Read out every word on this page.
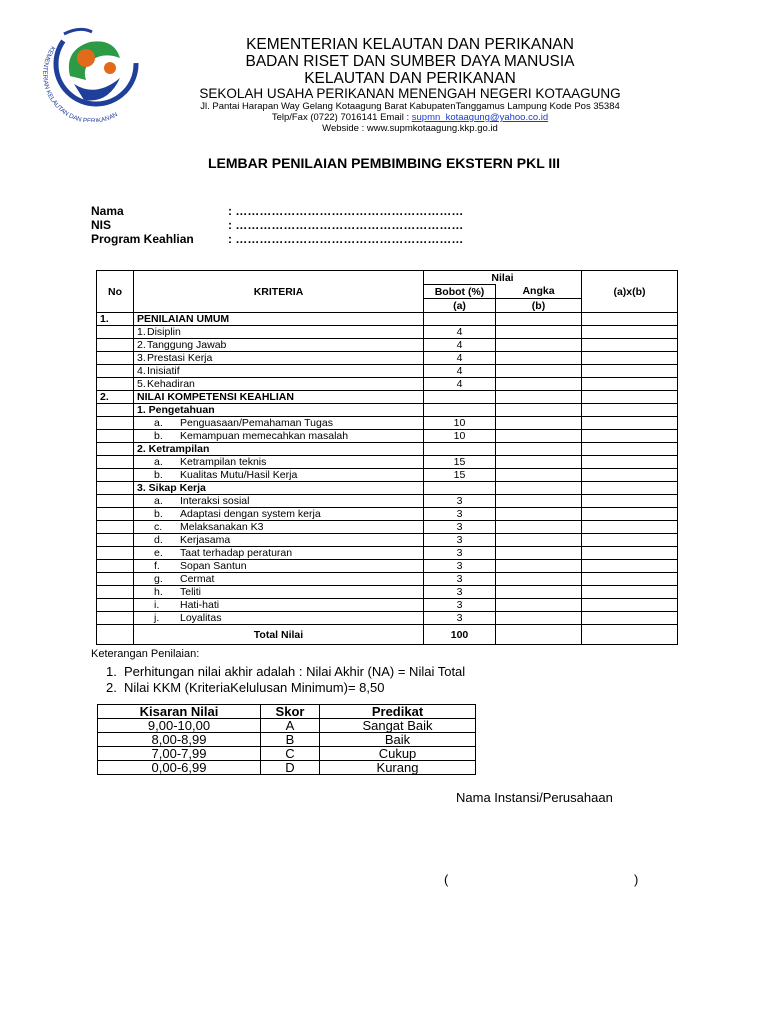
KEMENTERIAN KELAUTAN DAN PERIKANAN
KEMENTERIAN KELAUTAN DAN PERIKANAN
BADAN RISET DAN SUMBER DAYA MANUSIA
KELAUTAN DAN PERIKANAN
SEKOLAH USAHA PERIKANAN MENENGAH NEGERI KOTAAGUNG
Jl. Pantai Harapan Way Gelang Kotaagung Barat KabupatenTanggamus Lampung Kode Pos 35384
Telp/Fax (0722) 7016141 Email : supmn_kotaagung@yahoo.co.id
Webside : www.supmkotaagung.kkp.go.id
LEMBAR PENILAIAN PEMBIMBING EKSTERN PKL III
Nama	: …………………………………………………
NIS	: …………………………………………………
Program Keahlian	: …………………………………………………
No	KRITERIA	Nilai		(a)x(b)
		Bobot (%)	Angka	
		(a)	(b)	
1.	PENILAIAN UMUM			
	1.Disiplin	4		
	2.Tanggung Jawab	4		
	3.Prestasi Kerja	4		
	4.Inisiatif	4		
	5.Kehadiran	4		
2.	NILAI KOMPETENSI KEAHLIAN			
	1. Pengetahuan			
	a. Penguasaan/Pemahaman Tugas	10		
	b. Kemampuan memecahkan masalah	10		
	2. Ketrampilan			
	a. Ketrampilan teknis	15		
	b. Kualitas Mutu/Hasil Kerja	15		
	3. Sikap Kerja			
	a. Interaksi sosial	3		
	b. Adaptasi dengan system kerja	3		
	c. Melaksanakan K3	3		
	d. Kerjasama	3		
	e. Taat terhadap peraturan	3		
	f. Sopan Santun	3		
	g. Cermat	3		
	h. Teliti	3		
	i. Hati-hati	3		
	j. Loyalitas	3		
	Total Nilai	100		
Keterangan Penilaian:
1. Perhitungan nilai akhir adalah : Nilai Akhir (NA) = Nilai Total
2. Nilai KKM (KriteriaKelulusan Minimum)= 8,50
Kisaran Nilai	Skor	Predikat
9,00-10,00	A	Sangat Baik
8,00-8,99	B	Baik
7,00-7,99	C	Cukup
0,00-6,99	D	Kurang
Nama Instansi/Perusahaan
(	)
